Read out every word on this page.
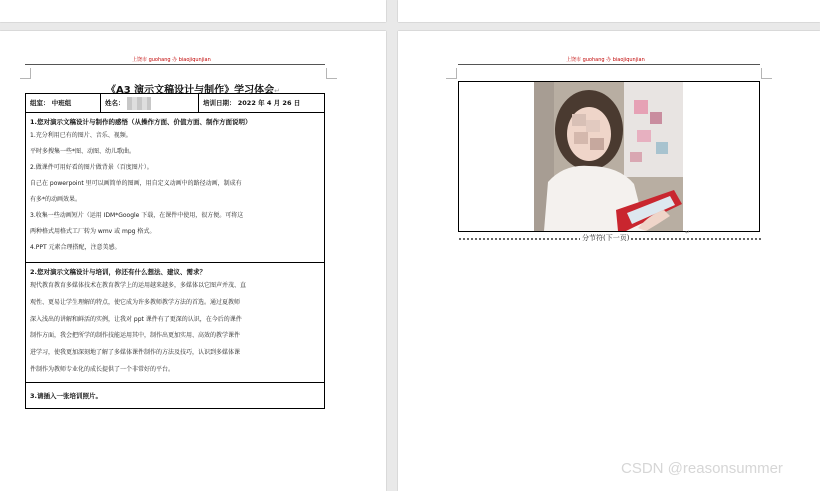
上饶市 guohang 办 biaojiqunjian
《A3 演示文稿设计与制作》学习体会↵
组室： 中班组	姓名：	培训日期： 2022 年 4 月 26 日
1.您对演示文稿设计与制作的感悟（从操作方面、价值方面、制作方面说明）
1.充分利用已有的图片、音乐、视频。
平时多搜集一些*图、动图、幼儿歌曲。
2.做课件可用好看的图片做背景（百度图片）。
自己在 powerpoint 里可以画简单的图画，用自定义动画中的路径动画，制成有
有多*的动画效果。
3.收集一些动画短片（运用 IDM*Google 下载，在课件中使用，很方便。可将这
两种格式用格式工厂转为 wmv 或 mpg 格式。
4.PPT 元素合理搭配，注意美感。
2.您对演示文稿设计与培训，你还有什么想法、建议、需求？
现代教育教育多媒体技术在教育教学上的运用越来越多，多媒体以它图声并茂、直
观性、更易让学生理解的特点，使它成为许多教师教学方法的首选。通过夏教师
深入浅出的讲解和鲜活的实例，让我对 ppt 课件有了更深的认识，在今后的课件
制作方面，我会把所学的制作技能运用其中，制作出更加实用、高效的教学课件
进学习，使我更加深刻地了解了多媒体课件制作的方法及技巧，认识到多媒体课
件制作为教师专业化的成长提供了一个非常好的平台。
3.请插入一张培训照片。
上饶市 guohang 办 biaojiqunjian
分节符(下一页)
↵
CSDN @reasonsummer
